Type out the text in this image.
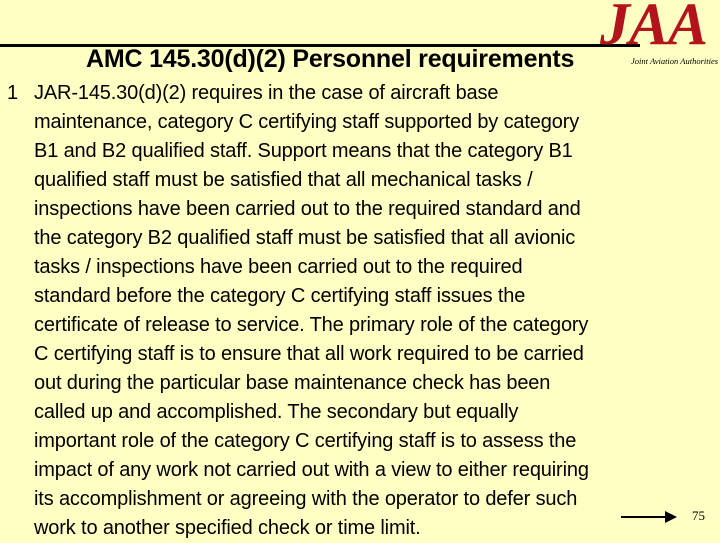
AMC 145.30(d)(2) Personnel requirements
JAA
Joint Aviation Authorities
1 JAR-145.30(d)(2) requires in the case of aircraft base
maintenance, category C certifying staff supported by category
B1 and B2 qualified staff. Support means that the category B1
qualified staff must be satisfied that all mechanical tasks /
inspections have been carried out to the required standard and
the category B2 qualified staff must be satisfied that all avionic
tasks / inspections have been carried out to the required
standard before the category C certifying staff issues the
certificate of release to service. The primary role of the category
C certifying staff is to ensure that all work required to be carried
out during the particular base maintenance check has been
called up and accomplished. The secondary but equally
important role of the category C certifying staff is to assess the
impact of any work not carried out with a view to either requiring
its accomplishment or agreeing with the operator to defer such
work to another specified check or time limit.
75
